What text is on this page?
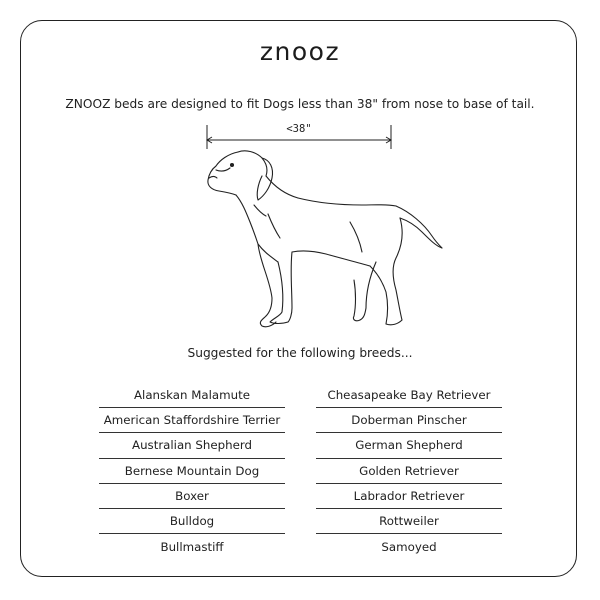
znooz
ZNOOZ beds are designed to fit Dogs less than 38" from nose to base of tail.
<38"
Suggested for the following breeds...
Alanskan Malamute
American Staffordshire Terrier
Australian Shepherd
Bernese Mountain Dog
Boxer
Bulldog
Bullmastiff
Cheasapeake Bay Retriever
Doberman Pinscher
German Shepherd
Golden Retriever
Labrador Retriever
Rottweiler
Samoyed
